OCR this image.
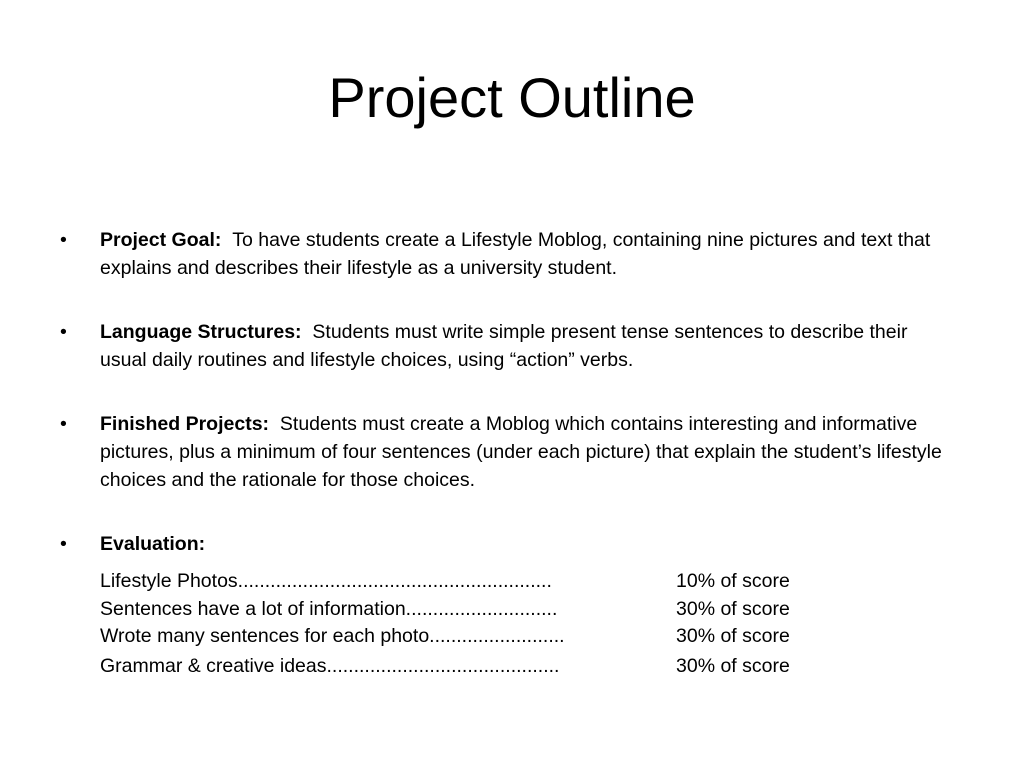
Project Outline
• Project Goal: To have students create a Lifestyle Moblog, containing nine pictures and text that explains and describes their lifestyle as a university student.
• Language Structures: Students must write simple present tense sentences to describe their usual daily routines and lifestyle choices, using “action” verbs.
• Finished Projects: Students must create a Moblog which contains interesting and informative pictures, plus a minimum of four sentences (under each picture) that explain the student’s lifestyle choices and the rationale for those choices.
• Evaluation:
Lifestyle Photos..........................................................	10% of score
Sentences have a lot of information............................	30% of score
Wrote many sentences for each photo.........................	30% of score
Grammar & creative ideas...........................................	30% of score
